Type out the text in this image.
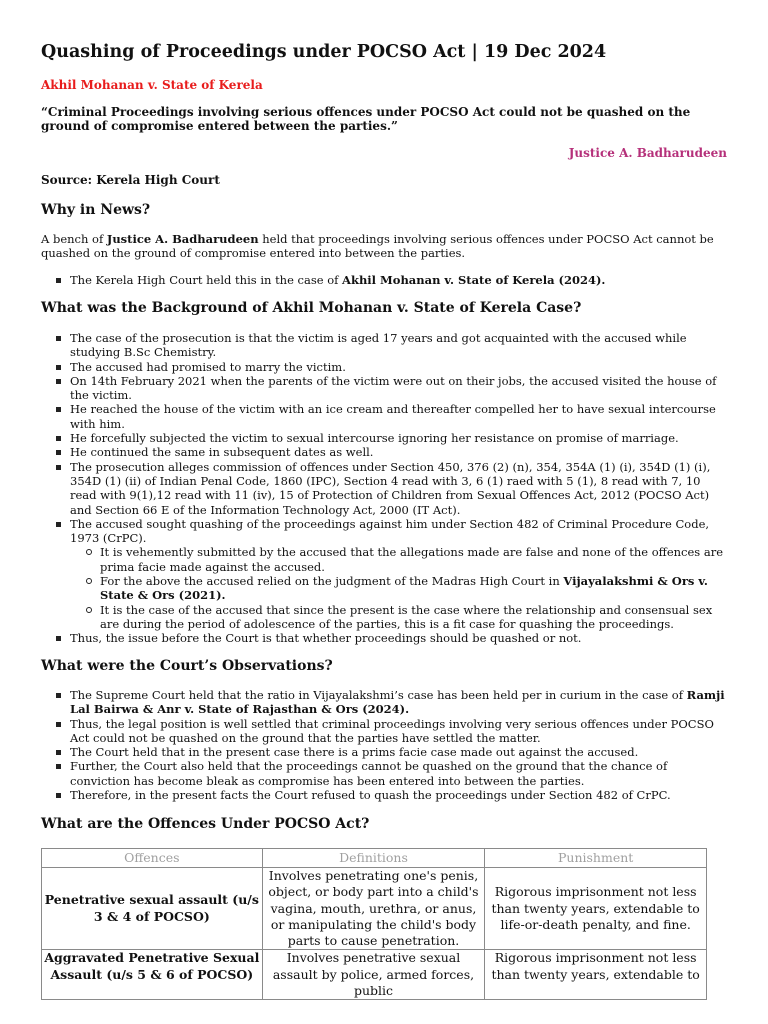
Quashing of Proceedings under POCSO Act | 19 Dec 2024
Akhil Mohanan v. State of Kerela
“Criminal Proceedings involving serious offences under POCSO Act could not be quashed on the ground of compromise entered between the parties.”
Justice A. Badharudeen
Source: Kerela High Court
Why in News?
A bench of Justice A. Badharudeen held that proceedings involving serious offences under POCSO Act cannot be quashed on the ground of compromise entered into between the parties.
The Kerela High Court held this in the case of Akhil Mohanan v. State of Kerela (2024).
What was the Background of Akhil Mohanan v. State of Kerela Case?
The case of the prosecution is that the victim is aged 17 years and got acquainted with the accused while studying B.Sc Chemistry.
The accused had promised to marry the victim.
On 14th February 2021 when the parents of the victim were out on their jobs, the accused visited the house of the victim.
He reached the house of the victim with an ice cream and thereafter compelled her to have sexual intercourse with him.
He forcefully subjected the victim to sexual intercourse ignoring her resistance on promise of marriage.
He continued the same in subsequent dates as well.
The prosecution alleges commission of offences under Section 450, 376 (2) (n), 354, 354A (1) (i), 354D (1) (i), 354D (1) (ii) of Indian Penal Code, 1860 (IPC), Section 4 read with 3, 6 (1) raed with 5 (1), 8 read with 7, 10 read with 9(1),12 read with 11 (iv), 15 of Protection of Children from Sexual Offences Act, 2012 (POCSO Act) and Section 66 E of the Information Technology Act, 2000 (IT Act).
The accused sought quashing of the proceedings against him under Section 482 of Criminal Procedure Code, 1973 (CrPC).
It is vehemently submitted by the accused that the allegations made are false and none of the offences are prima facie made against the accused.
For the above the accused relied on the judgment of the Madras High Court in Vijayalakshmi & Ors v. State & Ors (2021).
It is the case of the accused that since the present is the case where the relationship and consensual sex are during the period of adolescence of the parties, this is a fit case for quashing the proceedings.
Thus, the issue before the Court is that whether proceedings should be quashed or not.
What were the Court’s Observations?
The Supreme Court held that the ratio in Vijayalakshmi’s case has been held per in curium in the case of Ramji Lal Bairwa & Anr v. State of Rajasthan & Ors (2024).
Thus, the legal position is well settled that criminal proceedings involving very serious offences under POCSO Act could not be quashed on the ground that the parties have settled the matter.
The Court held that in the present case there is a prims facie case made out against the accused.
Further, the Court also held that the proceedings cannot be quashed on the ground that the chance of conviction has become bleak as compromise has been entered into between the parties.
Therefore, in the present facts the Court refused to quash the proceedings under Section 482 of CrPC.
What are the Offences Under POCSO Act?
Offences	Definitions	Punishment
Penetrative sexual assault (u/s 3 & 4 of POCSO)	Involves penetrating one's penis, object, or body part into a child's vagina, mouth, urethra, or anus, or manipulating the child's body parts to cause penetration.	Rigorous imprisonment not less than twenty years, extendable to life-or-death penalty, and fine.
Aggravated Penetrative Sexual Assault (u/s 5 & 6 of POCSO)	Involves penetrative sexual assault by police, armed forces, public	Rigorous imprisonment not less than twenty years, extendable to
